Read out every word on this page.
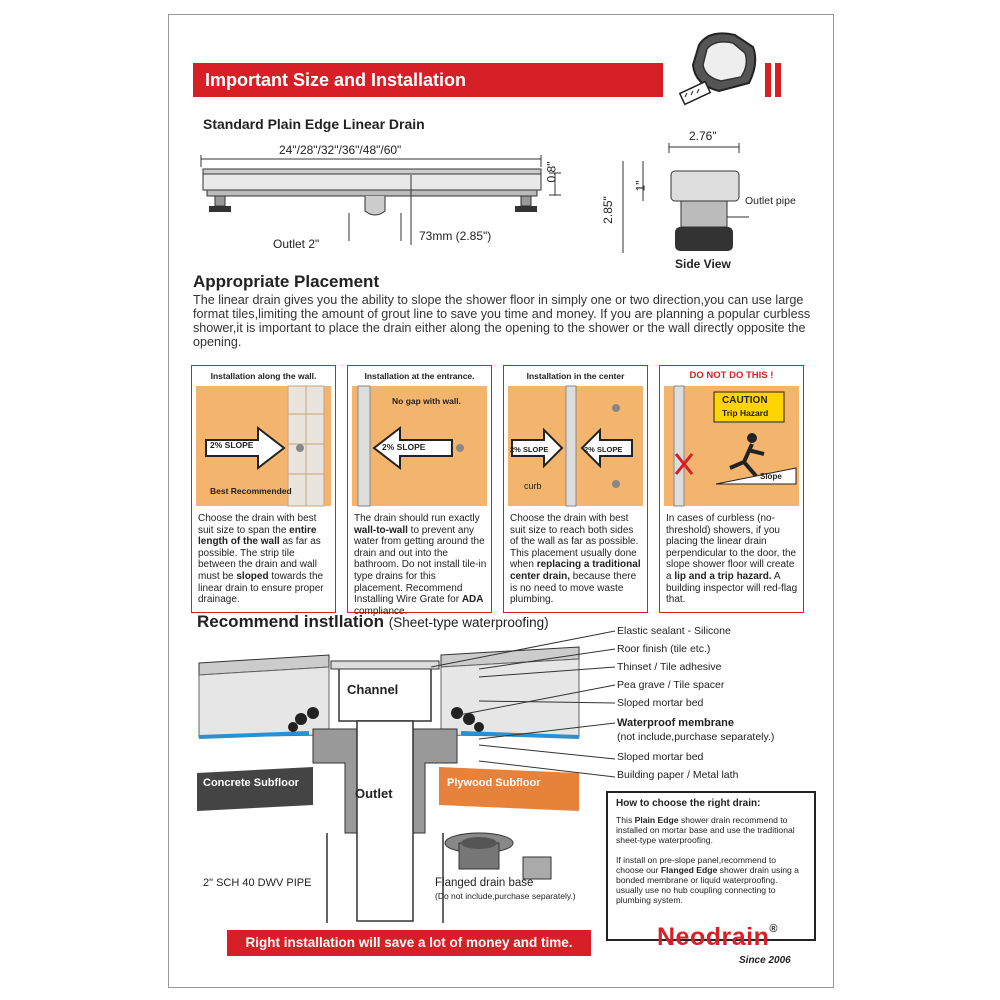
Important Size and Installation
Standard Plain Edge Linear Drain
24"/28"/32"/36"/48"/60"
0.8"
Outlet 2"
73mm (2.85")
2.76"
2.85"
1"
Outlet pipe
Side View
Appropriate Placement
The linear drain gives you the ability to slope the shower floor in simply one or two direction,you can use large format tiles,limiting the amount of grout line to save you time and money. If you are planning a popular curbless shower,it is important to place the drain either along the opening to the shower or the wall directly opposite the opening.
Installation along the wall.
2% SLOPE
Best Recommended
Choose the drain with best suit size to span the entire length of the wall as far as possible. The strip tile between the drain and wall must be sloped towards the linear drain to ensure proper drainage.
Installation at the entrance.
2% SLOPE
No gap with wall.
The drain should run exactly wall-to-wall to prevent any water from getting around the drain and out into the bathroom. Do not install tile-in type drains for this placement. Recommend Installing Wire Grate for ADA compliance.
Installation in the center
2% SLOPE	2% SLOPE
curb
Choose the drain with best suit size to reach both sides of the wall as far as possible. This placement usually done when replacing a traditional center drain, because there is no need to move waste plumbing.
DO NOT DO THIS !
CAUTION
Trip Hazard
Slope
In cases of curbless (no-threshold) showers, if you placing the linear drain perpendicular to the door, the slope shower floor will create a lip and a trip hazard. A building inspector will red-flag that.
Recommend instllation (Sheet-type waterproofing)
Channel
Outlet
Concrete Subfloor	Plywood Subfloor
2" SCH 40 DWV PIPE	Flanged drain base
(Do not include,purchase separately.)
Elastic sealant - Silicone
Roor finish (tile etc.)
Thinset / Tile adhesive
Pea grave / Tile spacer
Sloped mortar bed
Waterproof membrane
(not include,purchase separately.)
Sloped mortar bed
Building paper / Metal lath
How to choose the right drain:
This Plain Edge shower drain recommend to installed on mortar base and use the traditional sheet-type waterproofing.
If install on pre-slope panel,recommend to choose our Flanged Edge shower drain using a bonded membrane or liquid waterproofing. usually use no hub coupling connecting to plumbing system.
Right installation will save a lot of money and time.	Neodrain®
Since 2006
